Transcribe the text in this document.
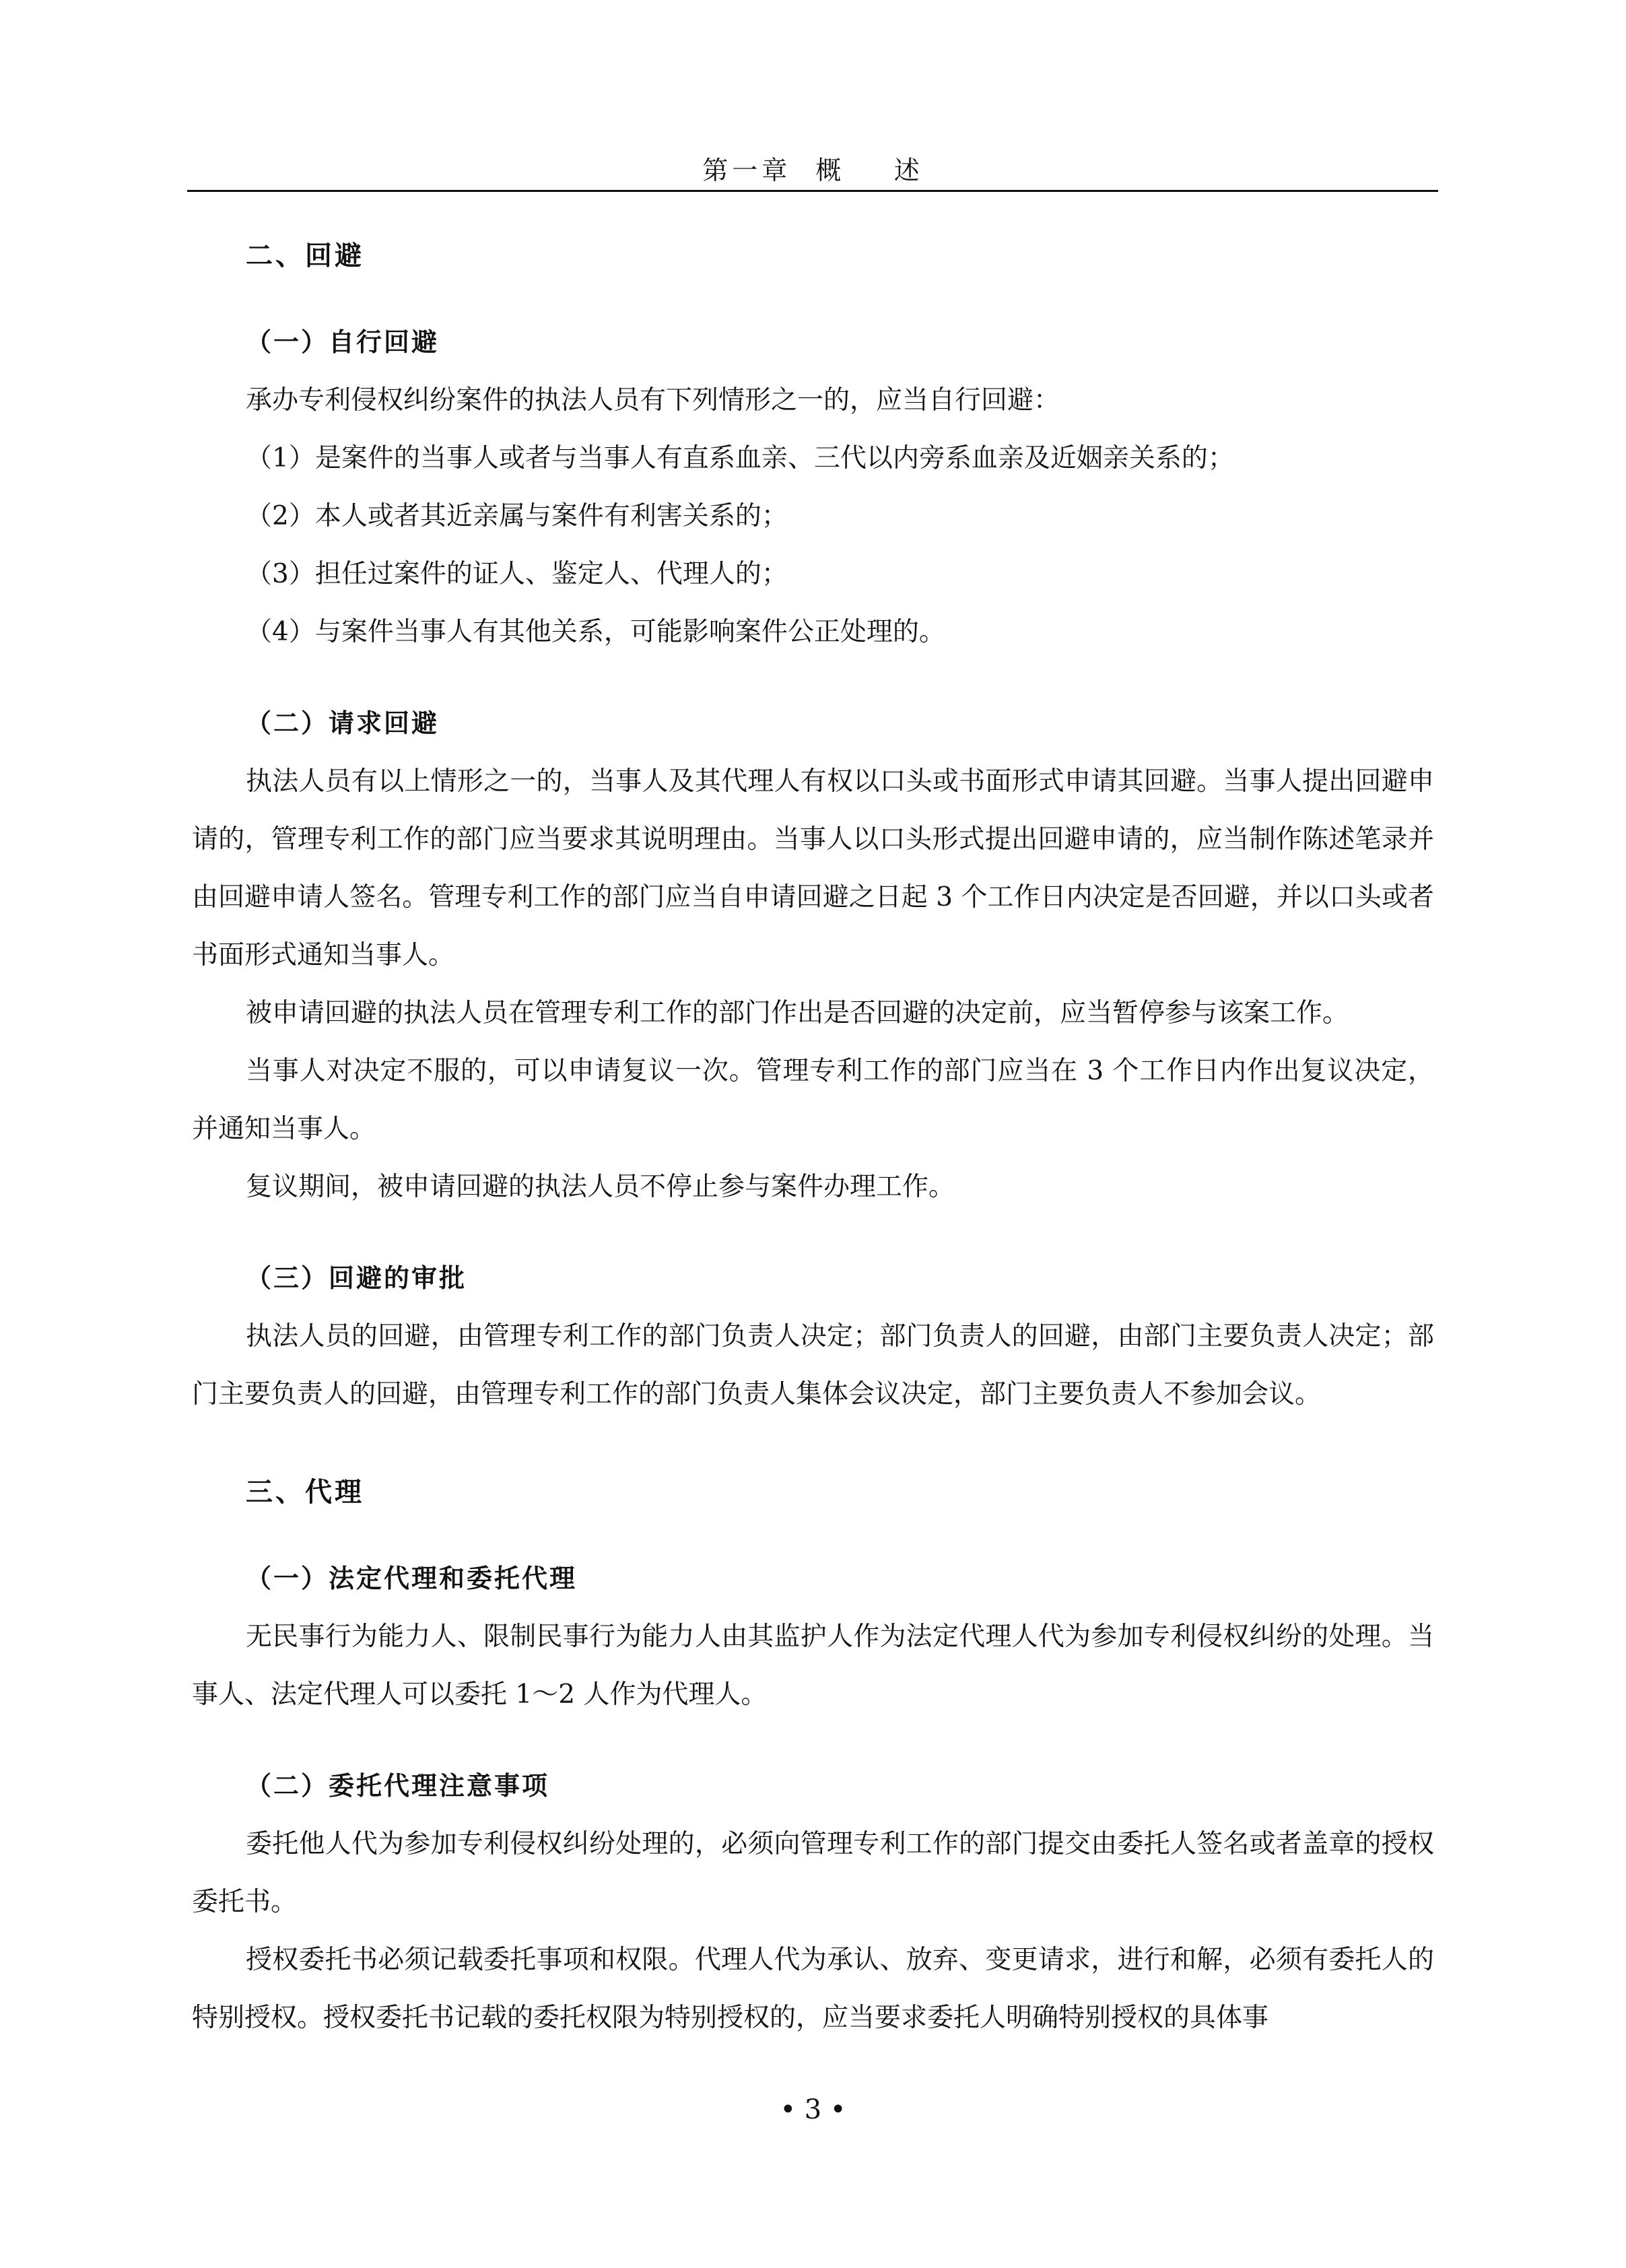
第一章  概    述
二、回避
（一）自行回避

承办专利侵权纠纷案件的执法人员有下列情形之一的，应当自行回避：

（1）是案件的当事人或者与当事人有直系血亲、三代以内旁系血亲及近姻亲关系的；

（2）本人或者其近亲属与案件有利害关系的；

（3）担任过案件的证人、鉴定人、代理人的；

（4）与案件当事人有其他关系，可能影响案件公正处理的。

（二）请求回避

执法人员有以上情形之一的，当事人及其代理人有权以口头或书面形式申请其回避。当事人提出回避申请的，管理专利工作的部门应当要求其说明理由。当事人以口头形式提出回避申请的，应当制作陈述笔录并由回避申请人签名。管理专利工作的部门应当自申请回避之日起 3 个工作日内决定是否回避，并以口头或者书面形式通知当事人。

被申请回避的执法人员在管理专利工作的部门作出是否回避的决定前，应当暂停参与该案工作。

当事人对决定不服的，可以申请复议一次。管理专利工作的部门应当在 3 个工作日内作出复议决定，并通知当事人。

复议期间，被申请回避的执法人员不停止参与案件办理工作。

（三）回避的审批

执法人员的回避，由管理专利工作的部门负责人决定；部门负责人的回避，由部门主要负责人决定；部门主要负责人的回避，由管理专利工作的部门负责人集体会议决定，部门主要负责人不参加会议。

三、代理
（一）法定代理和委托代理

无民事行为能力人、限制民事行为能力人由其监护人作为法定代理人代为参加专利侵权纠纷的处理。当事人、法定代理人可以委托 1～2 人作为代理人。

（二）委托代理注意事项

委托他人代为参加专利侵权纠纷处理的，必须向管理专利工作的部门提交由委托人签名或者盖章的授权委托书。

授权委托书必须记载委托事项和权限。代理人代为承认、放弃、变更请求，进行和解，必须有委托人的特别授权。授权委托书记载的委托权限为特别授权的，应当要求委托人明确特别授权的具体事

• 3 •
